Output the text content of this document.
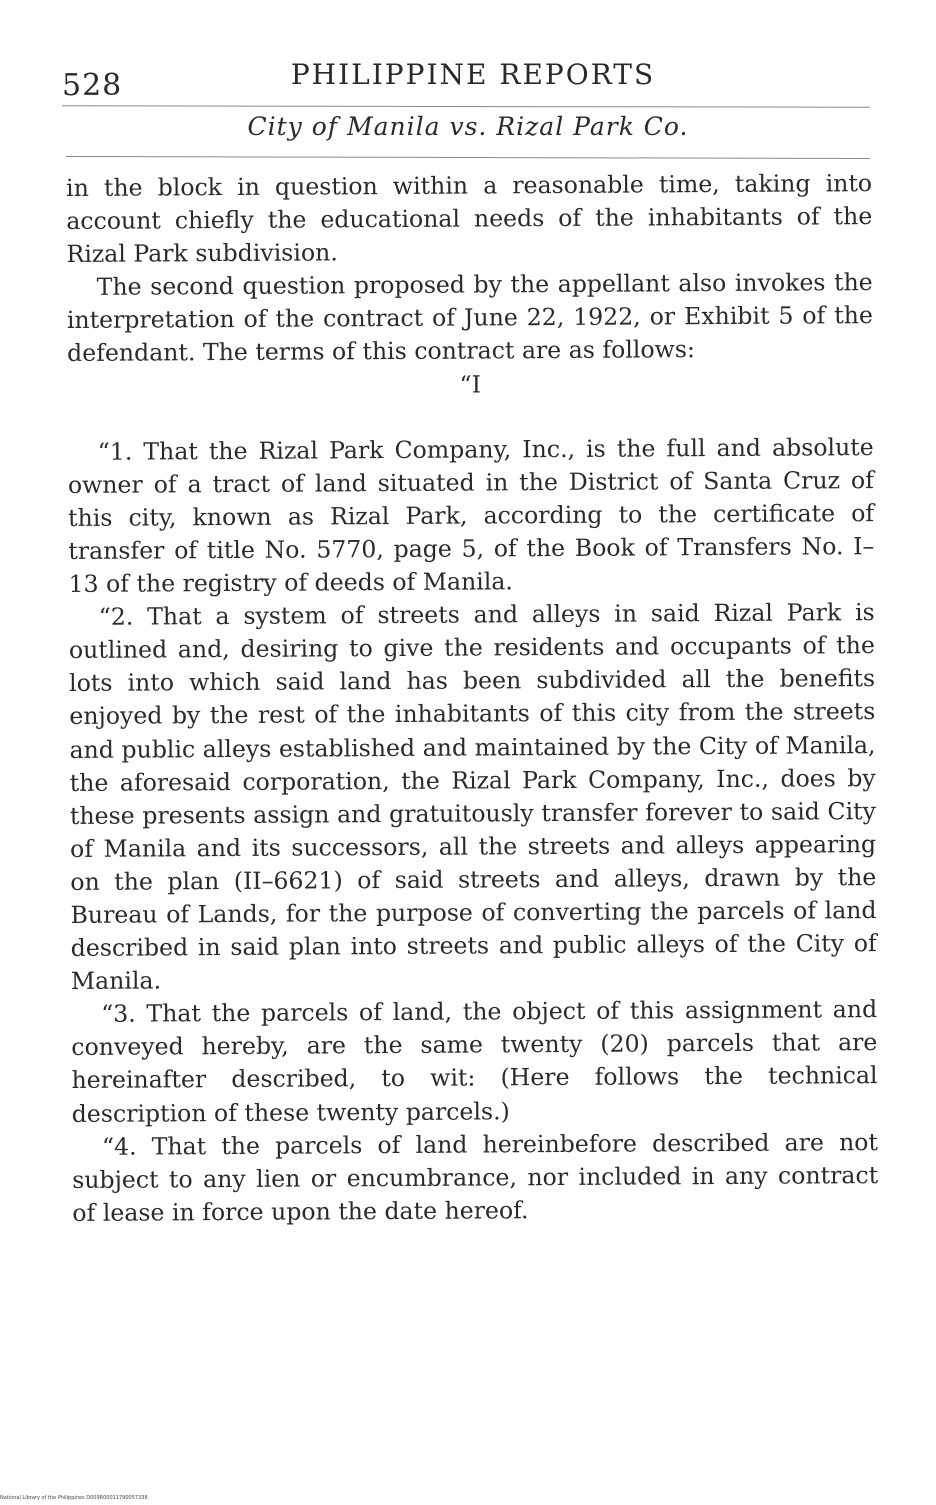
528	PHILIPPINE REPORTS
City of Manila vs. Rizal Park Co.

in the block in question within a reasonable time, taking into account chiefly the educational needs of the inhabitants of the Rizal Park subdivision.

The second question proposed by the appellant also invokes the interpretation of the contract of June 22, 1922, or Exhibit 5 of the defendant. The terms of this contract are as follows:

“I

“1. That the Rizal Park Company, Inc., is the full and absolute owner of a tract of land situated in the District of Santa Cruz of this city, known as Rizal Park, according to the certificate of transfer of title No. 5770, page 5, of the Book of Transfers No. I–13 of the registry of deeds of Manila.

“2. That a system of streets and alleys in said Rizal Park is outlined and, desiring to give the residents and occupants of the lots into which said land has been subdivided all the benefits enjoyed by the rest of the inhabitants of this city from the streets and public alleys established and maintained by the City of Manila, the aforesaid corporation, the Rizal Park Company, Inc., does by these presents assign and gratuitously transfer forever to said City of Manila and its successors, all the streets and alleys appearing on the plan (II–6621) of said streets and alleys, drawn by the Bureau of Lands, for the purpose of converting the parcels of land described in said plan into streets and public alleys of the City of Manila.

“3. That the parcels of land, the object of this assignment and conveyed hereby, are the same twenty (20) parcels that are hereinafter described, to wit: (Here follows the technical description of these twenty parcels.)

“4. That the parcels of land hereinbefore described are not subject to any lien or encumbrance, nor included in any contract of lease in force upon the date hereof.

National Library of the Philippines D009R00011790057338
